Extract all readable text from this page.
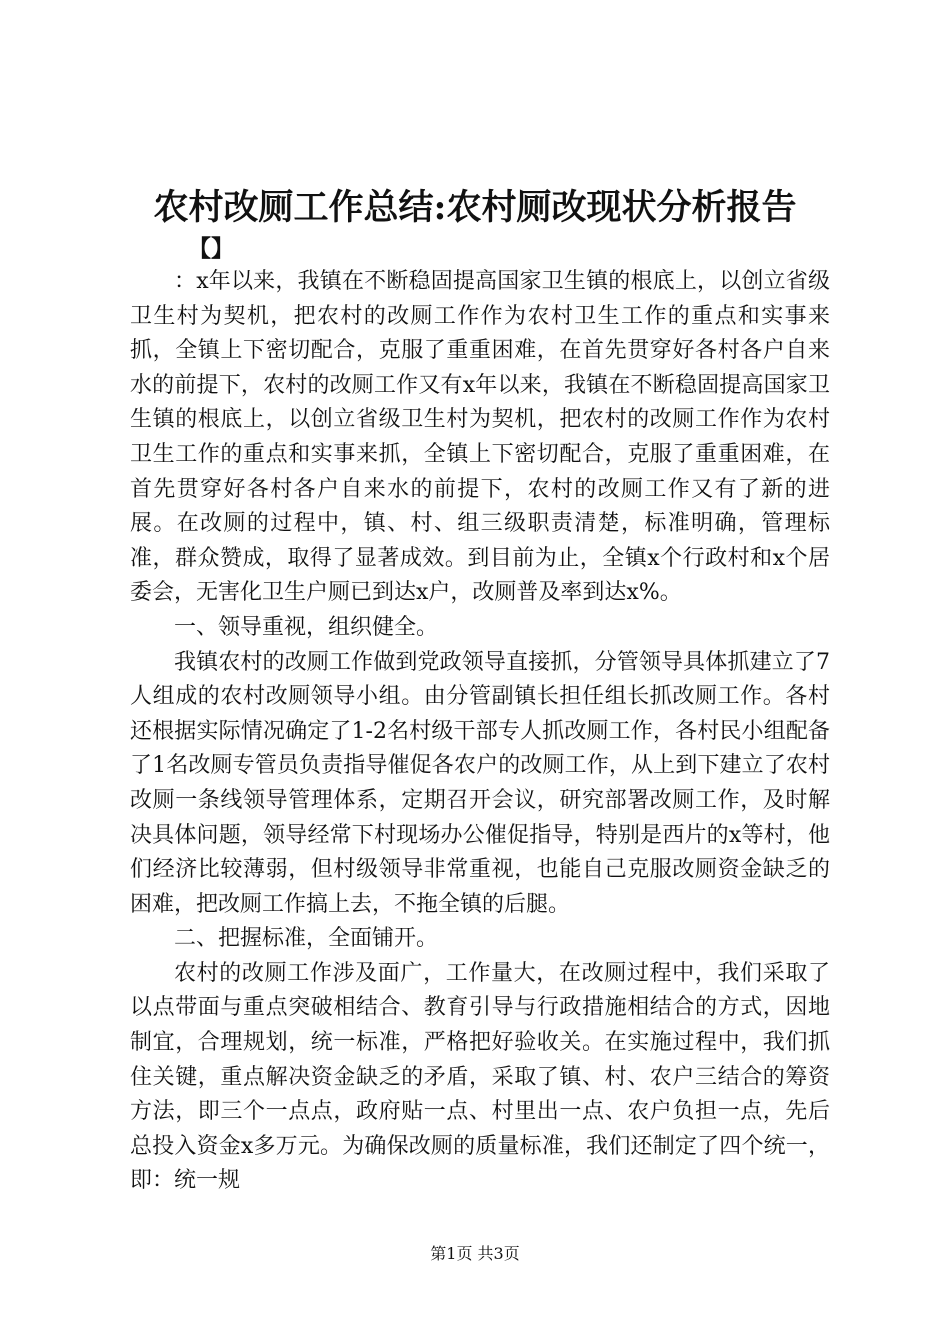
农村改厕工作总结:农村厕改现状分析报告
【】

：x年以来，我镇在不断稳固提高国家卫生镇的根底上，以创立省级卫生村为契机，把农村的改厕工作作为农村卫生工作的重点和实事来抓，全镇上下密切配合，克服了重重困难，在首先贯穿好各村各户自来水的前提下，农村的改厕工作又有x年以来，我镇在不断稳固提高国家卫生镇的根底上，以创立省级卫生村为契机，把农村的改厕工作作为农村卫生工作的重点和实事来抓，全镇上下密切配合，克服了重重困难，在首先贯穿好各村各户自来水的前提下，农村的改厕工作又有了新的进展。在改厕的过程中，镇、村、组三级职责清楚，标准明确，管理标准，群众赞成，取得了显著成效。到目前为止，全镇x个行政村和x个居委会，无害化卫生户厕已到达x户，改厕普及率到达x%。

一、领导重视，组织健全。

我镇农村的改厕工作做到党政领导直接抓，分管领导具体抓建立了7人组成的农村改厕领导小组。由分管副镇长担任组长抓改厕工作。各村还根据实际情况确定了1-2名村级干部专人抓改厕工作，各村民小组配备了1名改厕专管员负责指导催促各农户的改厕工作，从上到下建立了农村改厕一条线领导管理体系，定期召开会议，研究部署改厕工作，及时解决具体问题，领导经常下村现场办公催促指导，特别是西片的x等村，他们经济比较薄弱，但村级领导非常重视，也能自己克服改厕资金缺乏的困难，把改厕工作搞上去，不拖全镇的后腿。

二、把握标准，全面铺开。

农村的改厕工作涉及面广，工作量大，在改厕过程中，我们采取了以点带面与重点突破相结合、教育引导与行政措施相结合的方式，因地制宜，合理规划，统一标准，严格把好验收关。在实施过程中，我们抓住关键，重点解决资金缺乏的矛盾，采取了镇、村、农户三结合的筹资方法，即三个一点点，政府贴一点、村里出一点、农户负担一点，先后总投入资金x多万元。为确保改厕的质量标准，我们还制定了四个统一，即：统一规

第1页 共3页
